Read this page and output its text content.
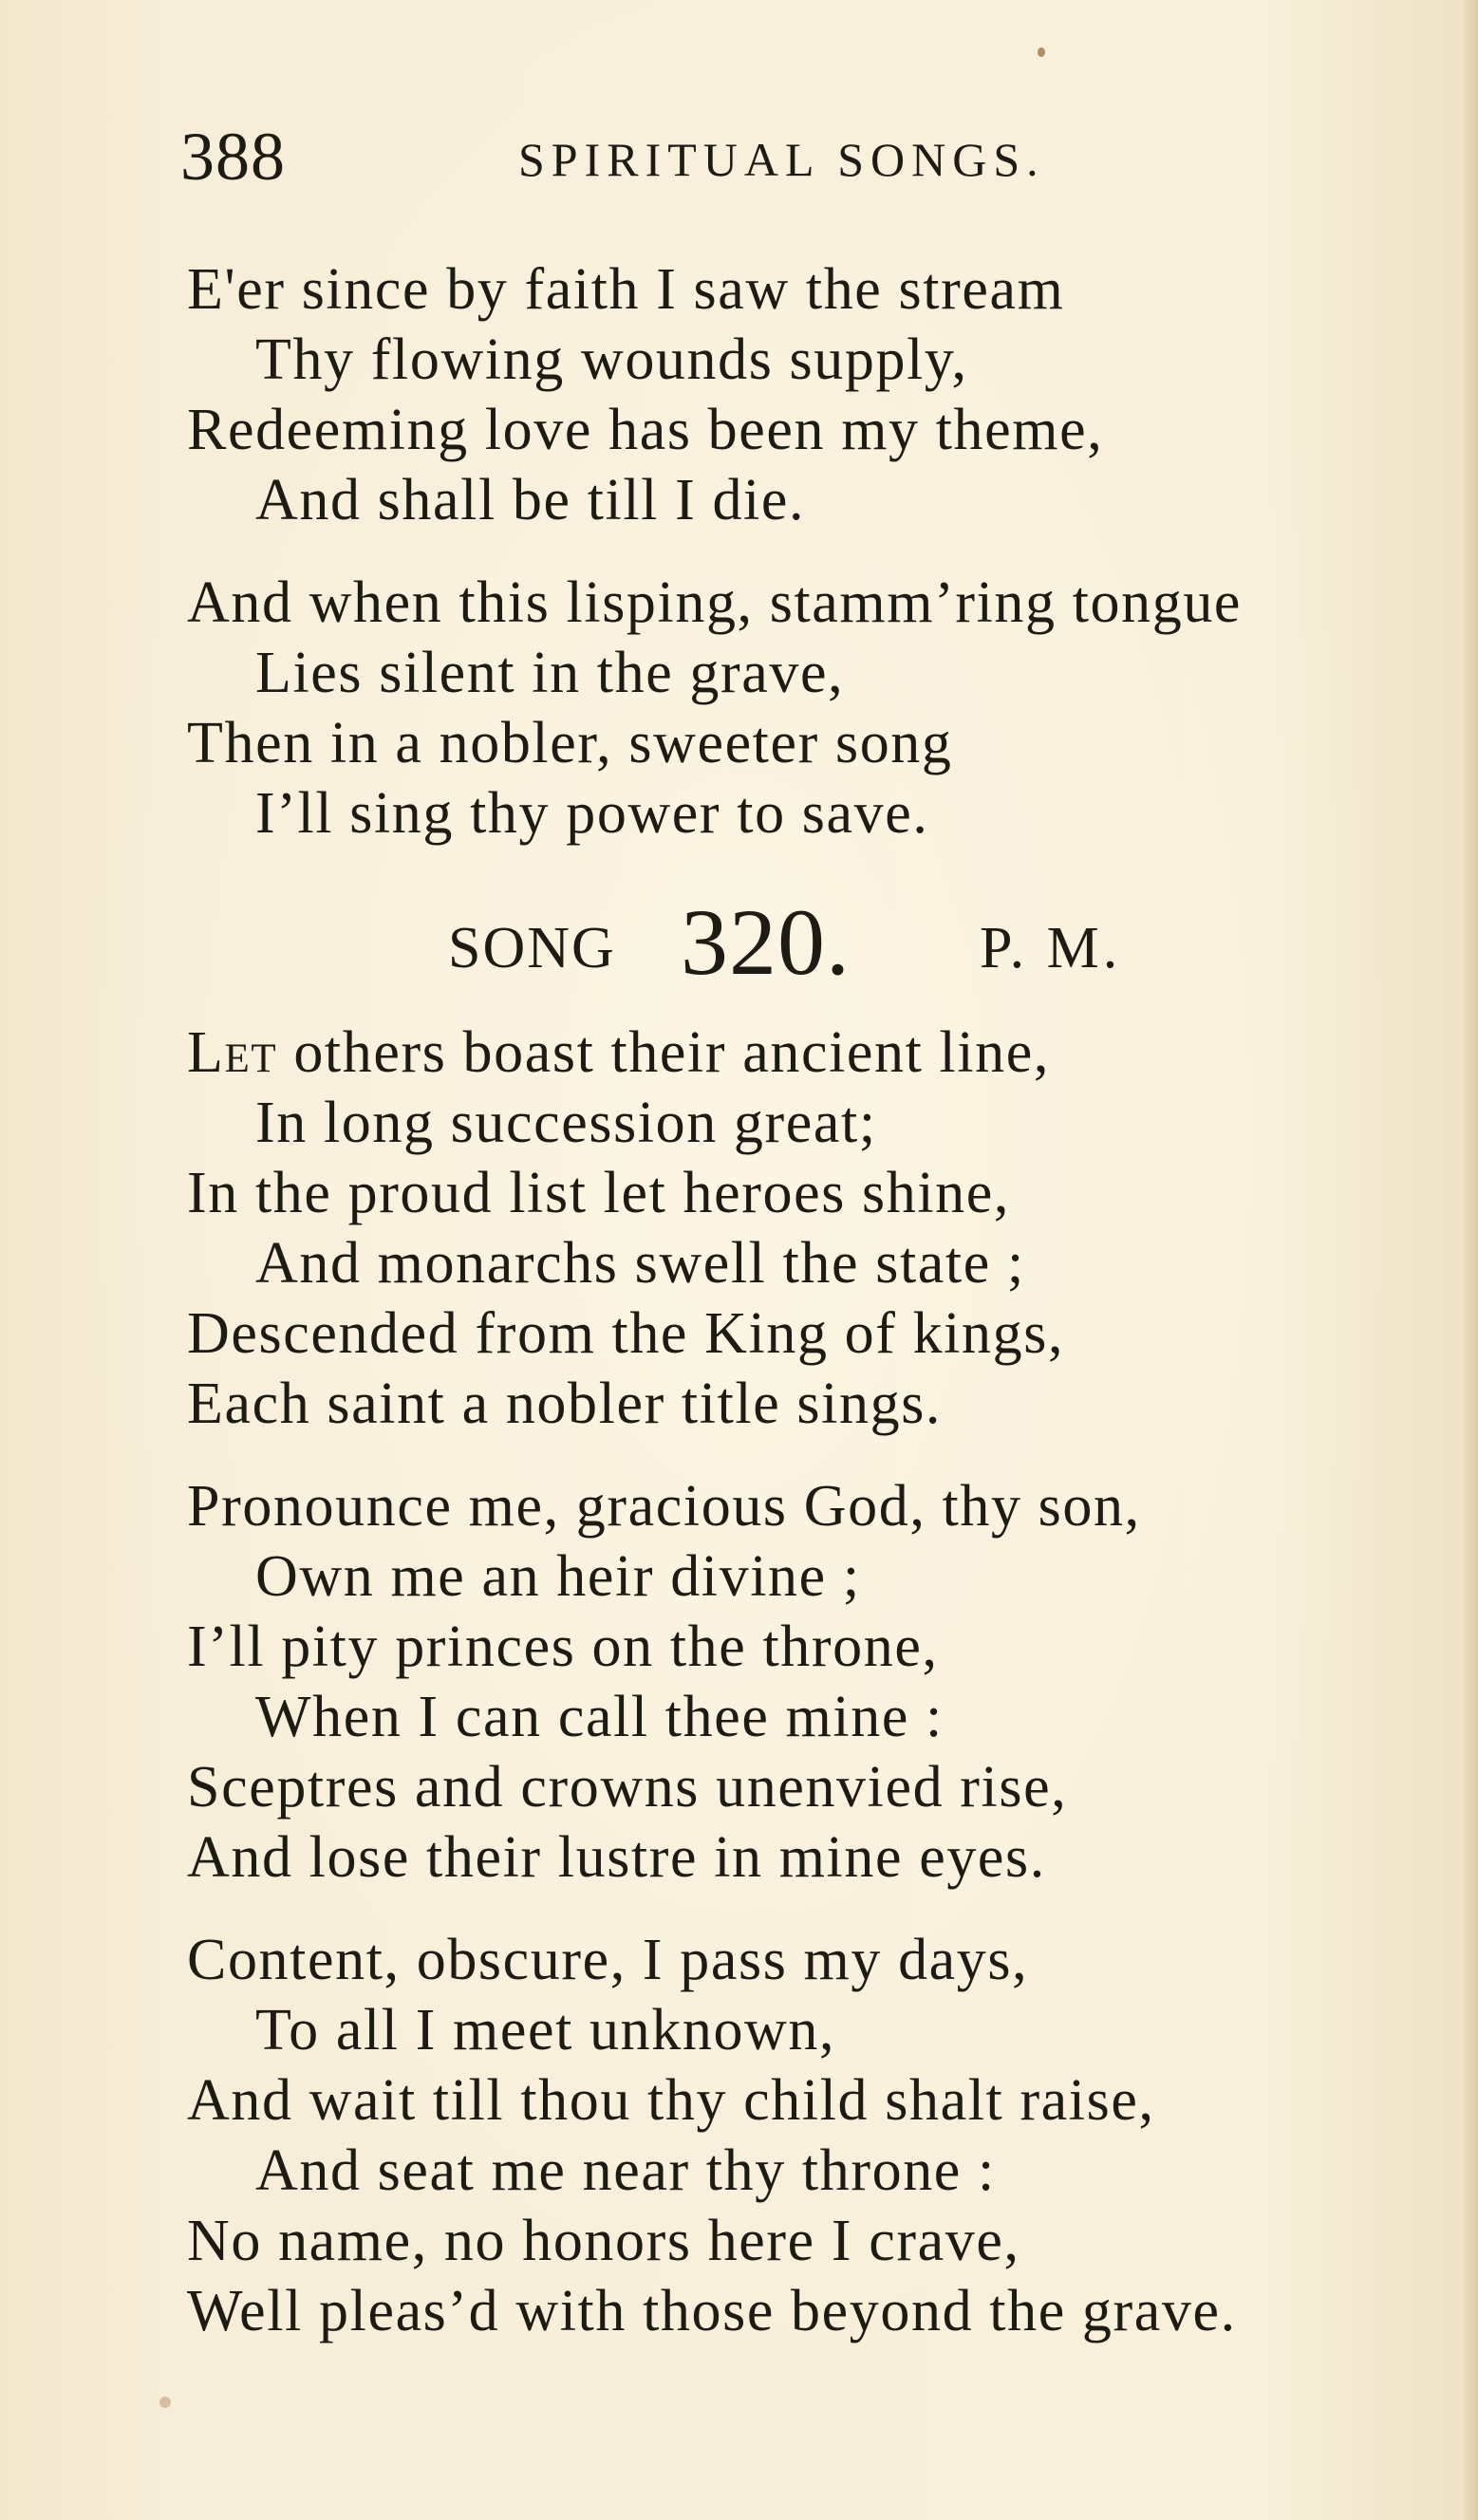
388	SPIRITUAL SONGS.
E'er since by faith I saw the stream
Thy flowing wounds supply,
Redeeming love has been my theme,
And shall be till I die.
And when this lisping, stamm’ring tongue
Lies silent in the grave,
Then in a nobler, sweeter song
I’ll sing thy power to save.
SONG 320. P. M.
Let others boast their ancient line,
In long succession great;
In the proud list let heroes shine,
And monarchs swell the state ;
Descended from the King of kings,
Each saint a nobler title sings.
Pronounce me, gracious God, thy son,
Own me an heir divine ;
I’ll pity princes on the throne,
When I can call thee mine :
Sceptres and crowns unenvied rise,
And lose their lustre in mine eyes.
Content, obscure, I pass my days,
To all I meet unknown,
And wait till thou thy child shalt raise,
And seat me near thy throne :
No name, no honors here I crave,
Well pleas’d with those beyond the grave.
